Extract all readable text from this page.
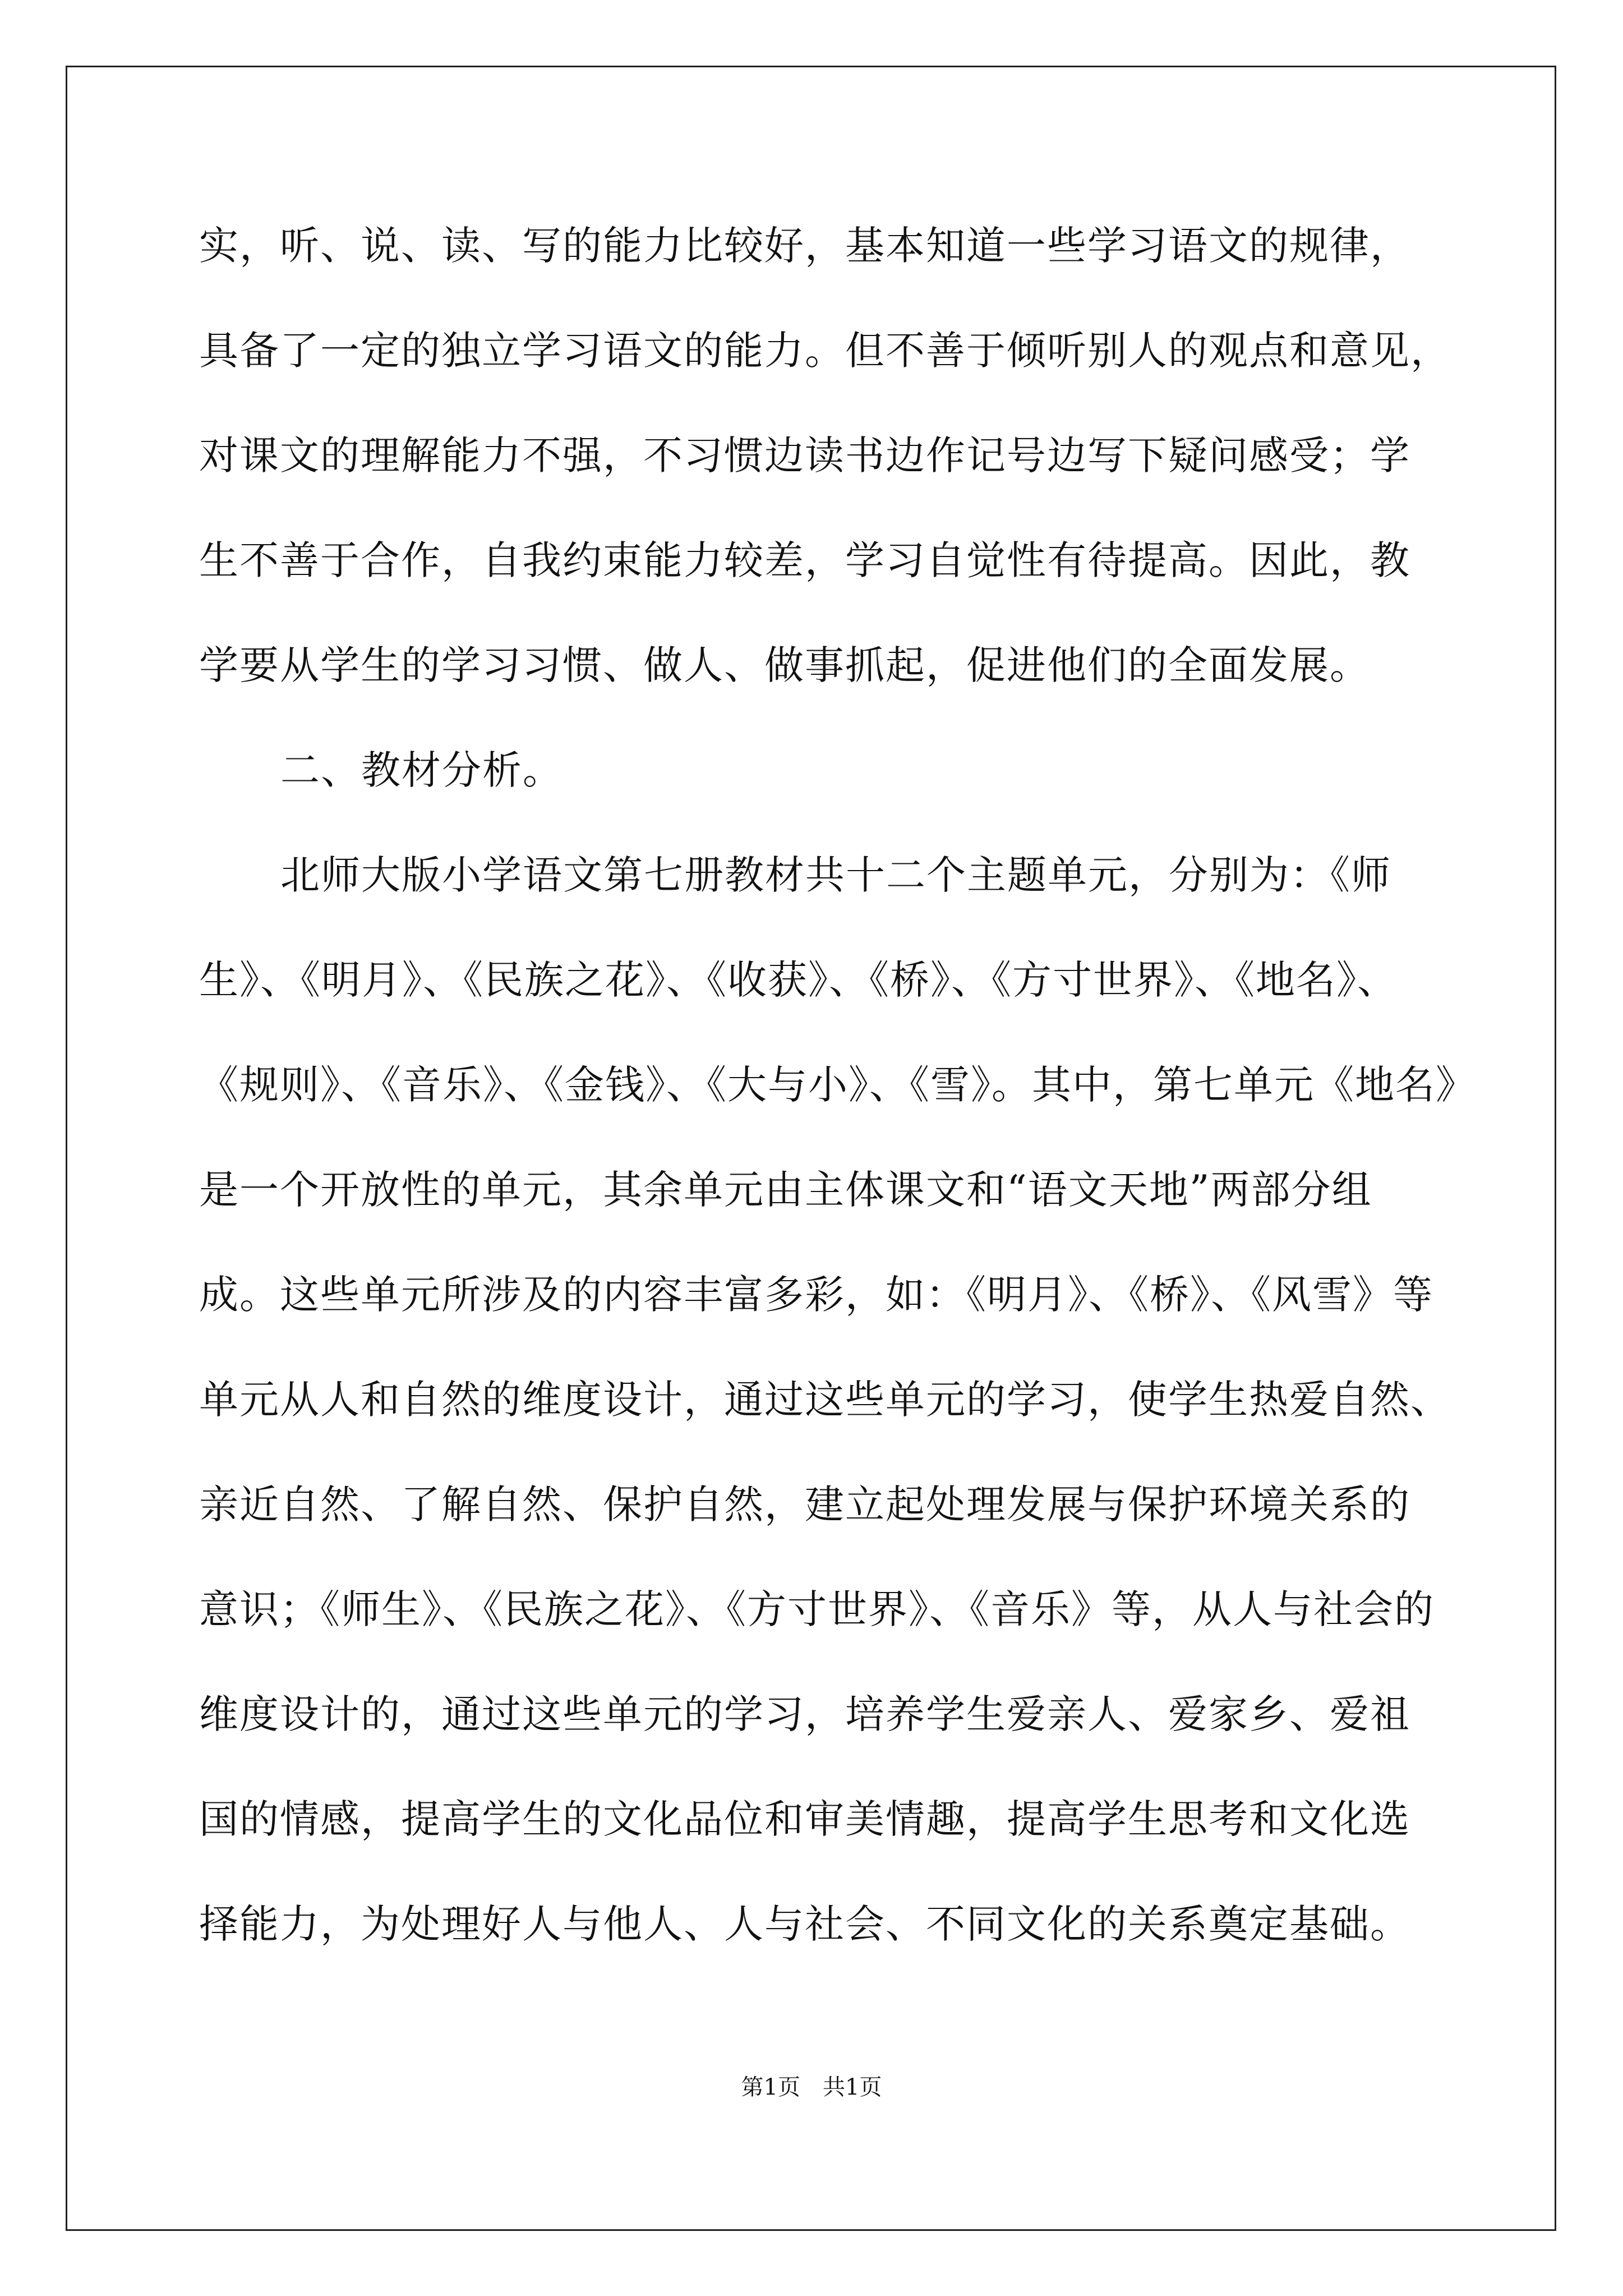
实，听、说、读、写的能力比较好，基本知道一些学习语文的规律，
具备了一定的独立学习语文的能力。但不善于倾听别人的观点和意见，
对课文的理解能力不强，不习惯边读书边作记号边写下疑问感受；学
生不善于合作，自我约束能力较差，学习自觉性有待提高。因此，教
学要从学生的学习习惯、做人、做事抓起，促进他们的全面发展。
二、教材分析。
北师大版小学语文第七册教材共十二个主题单元，分别为：《师
生》、《明月》、《民族之花》、《收获》、《桥》、《方寸世界》、《地名》、
《规则》、《音乐》、《金钱》、《大与小》、《雪》。其中，第七单元《地名》
是一个开放性的单元，其余单元由主体课文和“语文天地”两部分组
成。这些单元所涉及的内容丰富多彩，如：《明月》、《桥》、《风雪》等
单元从人和自然的维度设计，通过这些单元的学习，使学生热爱自然、
亲近自然、了解自然、保护自然，建立起处理发展与保护环境关系的
意识；《师生》、《民族之花》、《方寸世界》、《音乐》等，从人与社会的
维度设计的，通过这些单元的学习，培养学生爱亲人、爱家乡、爱祖
国的情感，提高学生的文化品位和审美情趣，提高学生思考和文化选
择能力，为处理好人与他人、人与社会、不同文化的关系奠定基础。
第1页　共1页
